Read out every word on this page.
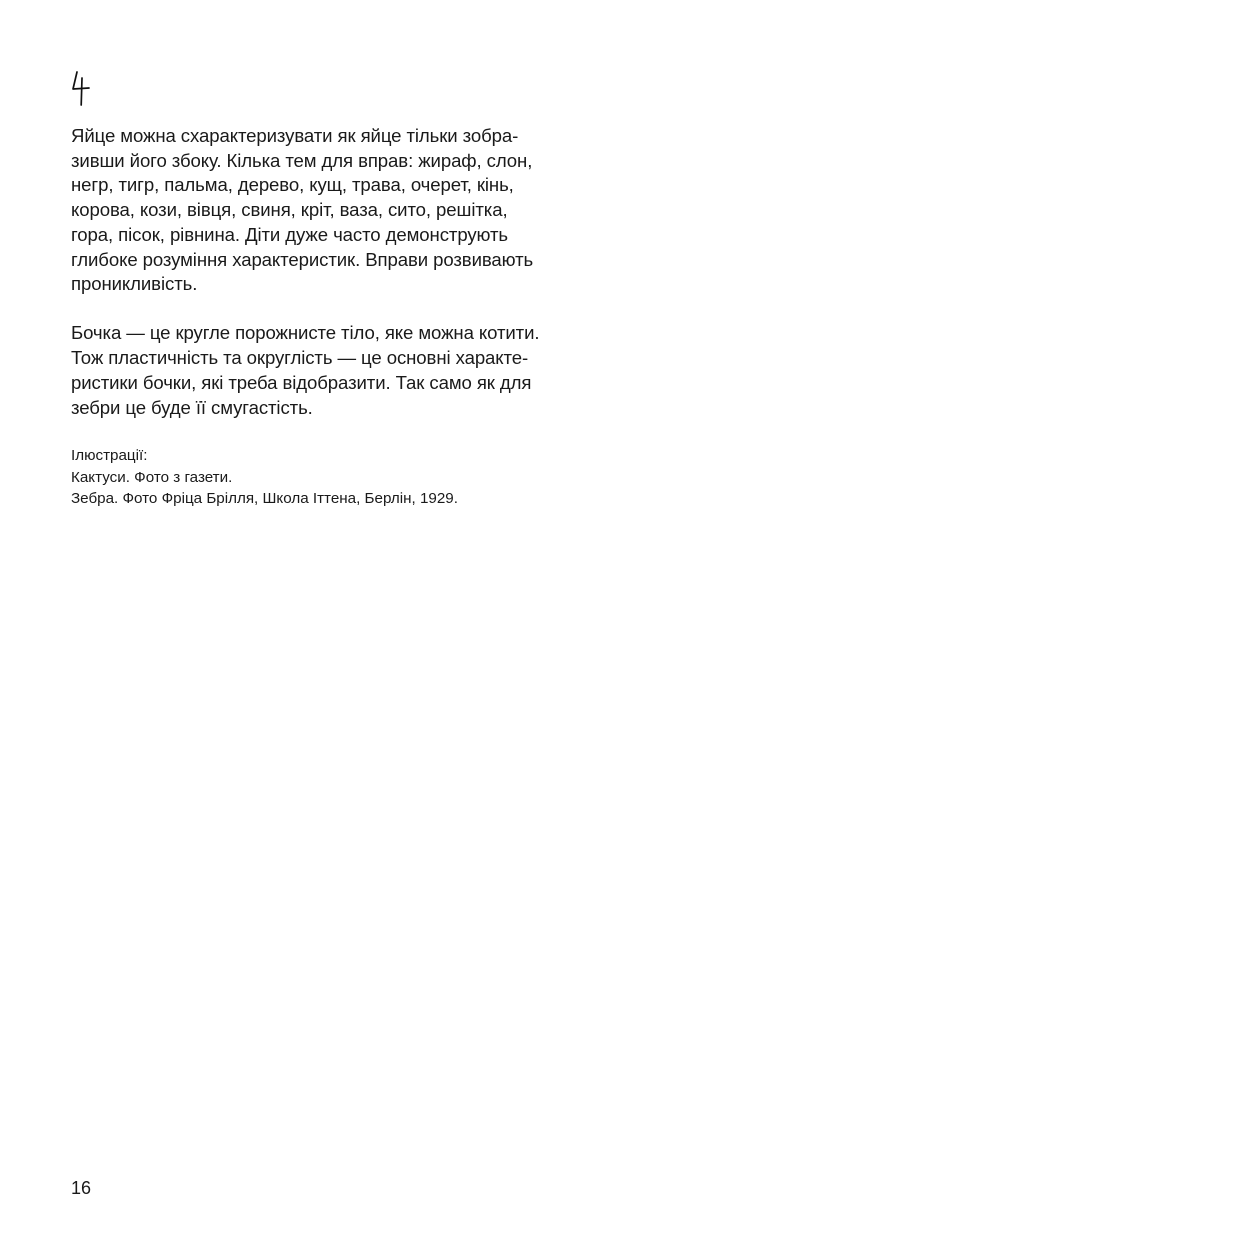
Яйце можна схарактеризувати як яйце тільки зобра-
зивши його збоку. Кілька тем для вправ: жираф, слон,
негр, тигр, пальма, дерево, кущ, трава, очерет, кінь,
корова, кози, вівця, свиня, кріт, ваза, сито, решітка,
гора, пісок, рівнина. Діти дуже часто демонструють
глибоке розуміння характеристик. Вправи розвивають
проникливість.

Бочка — це кругле порожнисте тіло, яке можна котити.
Тож пластичність та округлість — це основні характе-
ристики бочки, які треба відобразити. Так само як для
зебри це буде її смугастість.

Ілюстрації:
Кактуси. Фото з газети.
Зебра. Фото Фріца Брілля, Школа Іттена, Берлін, 1929.
16
